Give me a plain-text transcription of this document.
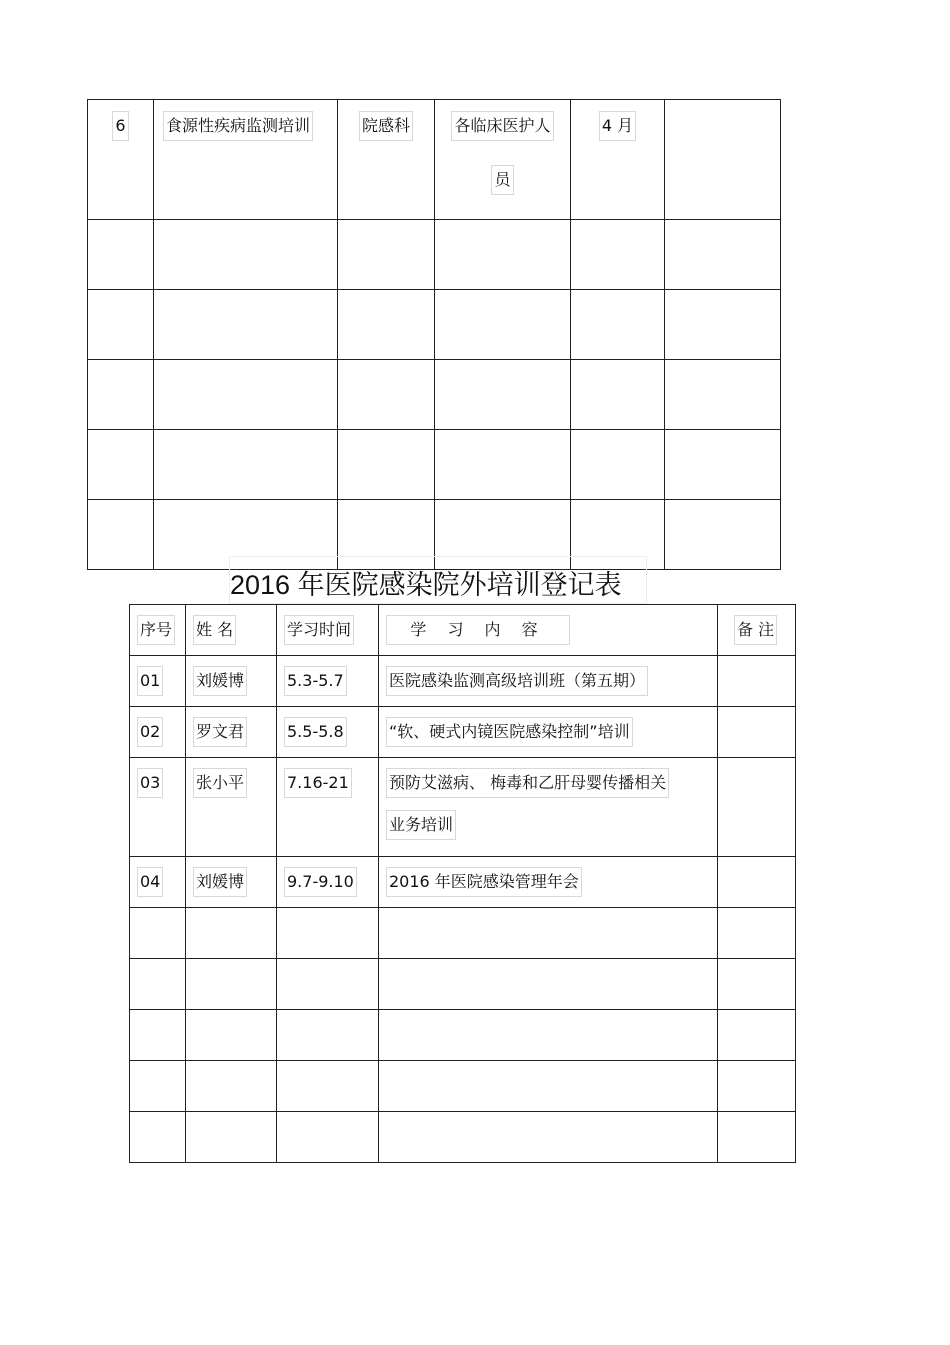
6	食源性疾病监测培训	院感科	各临床医护人
员	4 月	

2016 年医院感染院外培训登记表
序号	姓 名	学习时间	学 习 内 容	备 注
01	刘媛博	5.3-5.7	医院感染监测高级培训班（第五期）	
02	罗文君	5.5-5.8	“软、硬式内镜医院感染控制”培训	
03	张小平	7.16-21	预防艾滋病、 梅毒和乙肝母婴传播相关
业务培训	
04	刘媛博	9.7-9.10	2016 年医院感染管理年会	
